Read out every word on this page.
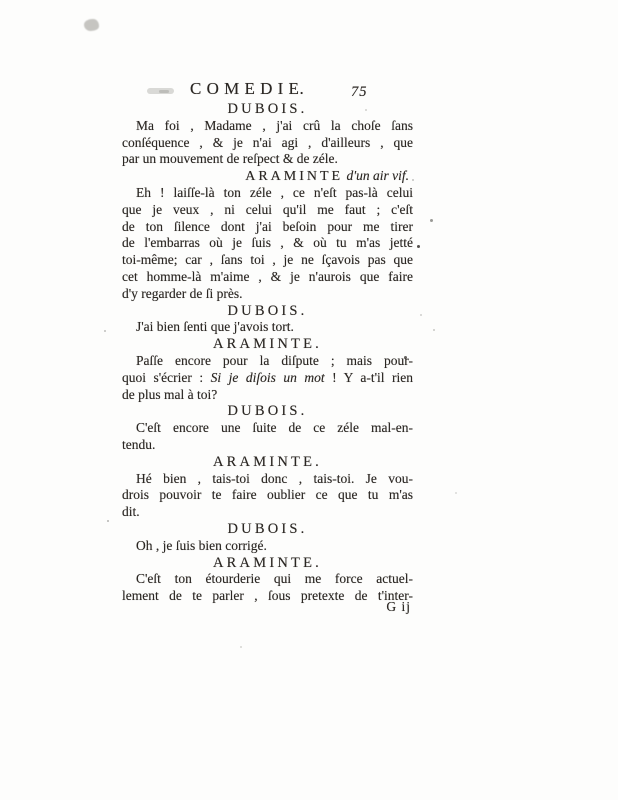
C O M E D I E.	75
DUBOIS.
Ma foi , Madame , j'ai crû la choſe ſans
conſéquence , & je n'ai agi , d'ailleurs , que
par un mouvement de reſpect & de zéle.
ARAMINTE d'un air vif.
Eh ! laiſſe-là ton zéle , ce n'eſt pas-là celui
que je veux , ni celui qu'il me faut ; c'eſt
de ton ſilence dont j'ai beſoin pour me tirer
de l'embarras où je ſuis , & où tu m'as jetté
toi-même; car , ſans toi , je ne ſçavois pas que
cet homme-là m'aime , & je n'aurois que faire
d'y regarder de ſi près.
DUBOIS.
J'ai bien ſenti que j'avois tort.
ARAMINTE.
Paſſe encore pour la diſpute ; mais pour-
quoi s'écrier : Si je diſois un mot ! Y a-t'il rien
de plus mal à toi?
DUBOIS.
C'eſt encore une ſuite de ce zéle mal-en-
tendu.
ARAMINTE.
Hé bien , tais-toi donc , tais-toi. Je vou-
drois pouvoir te faire oublier ce que tu m'as
dit.
DUBOIS.
Oh , je ſuis bien corrigé.
ARAMINTE.
C'eſt ton étourderie qui me force actuel-
lement de te parler , ſous pretexte de t'inter-
G ij
